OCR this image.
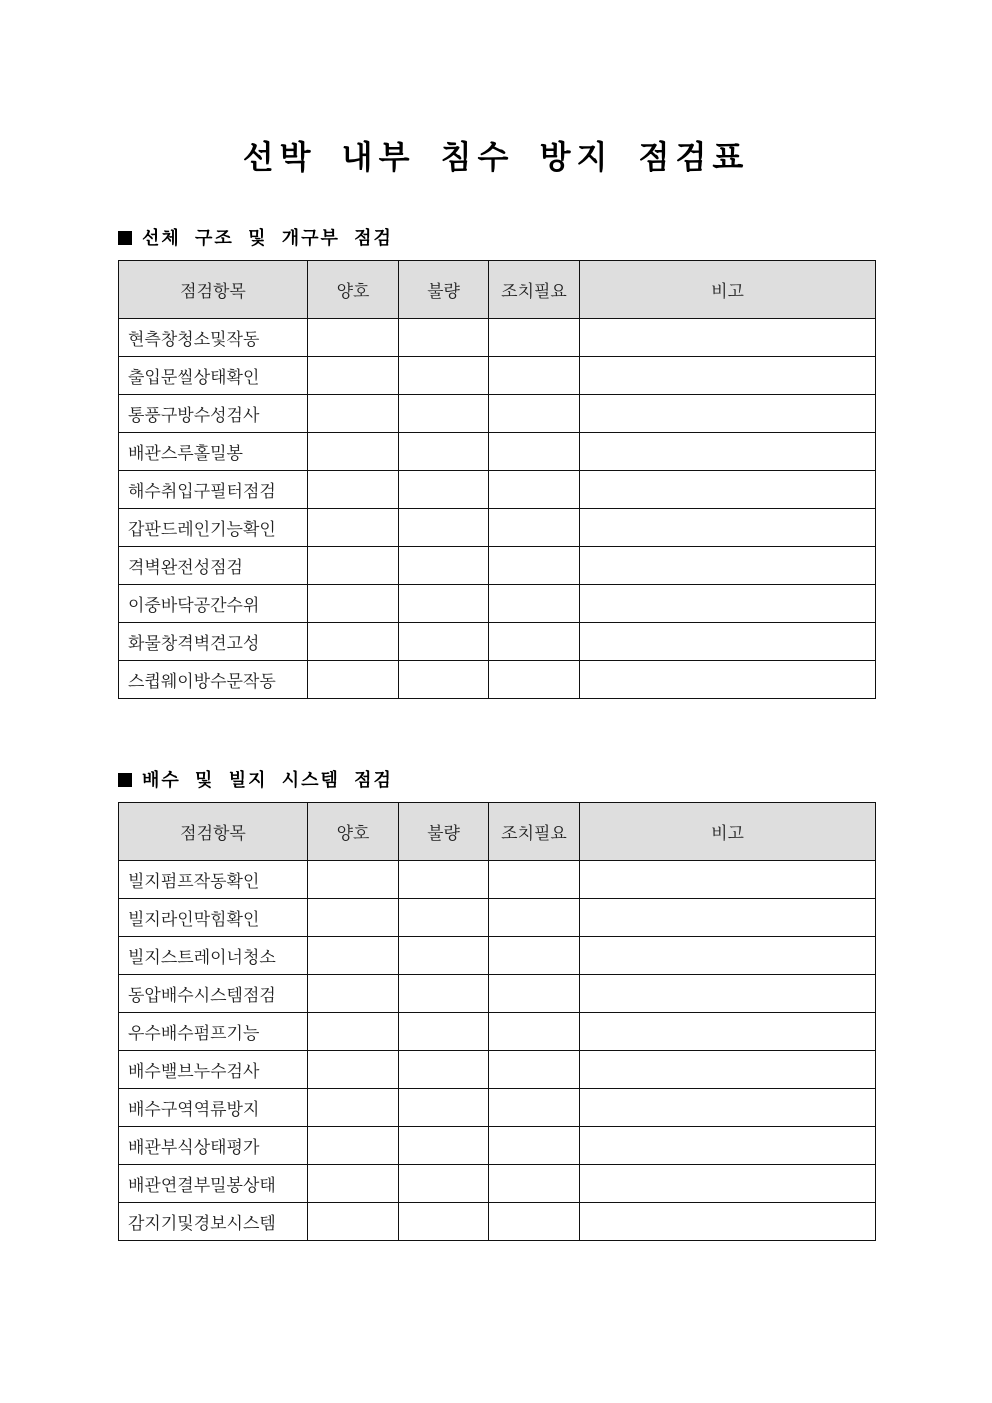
선박 내부 침수 방지 점검표
선체 구조 및 개구부 점검
점검항목	양호	불량	조치필요	비고
현측창청소및작동				
출입문씰상태확인				
통풍구방수성검사				
배관스루홀밀봉				
해수취입구필터점검				
갑판드레인기능확인				
격벽완전성점검				
이중바닥공간수위				
화물창격벽견고성				
스큅웨이방수문작동				
배수 및 빌지 시스템 점검
점검항목	양호	불량	조치필요	비고
빌지펌프작동확인				
빌지라인막힘확인				
빌지스트레이너청소				
동압배수시스템점검				
우수배수펌프기능				
배수밸브누수검사				
배수구역역류방지				
배관부식상태평가				
배관연결부밀봉상태				
감지기및경보시스템				
